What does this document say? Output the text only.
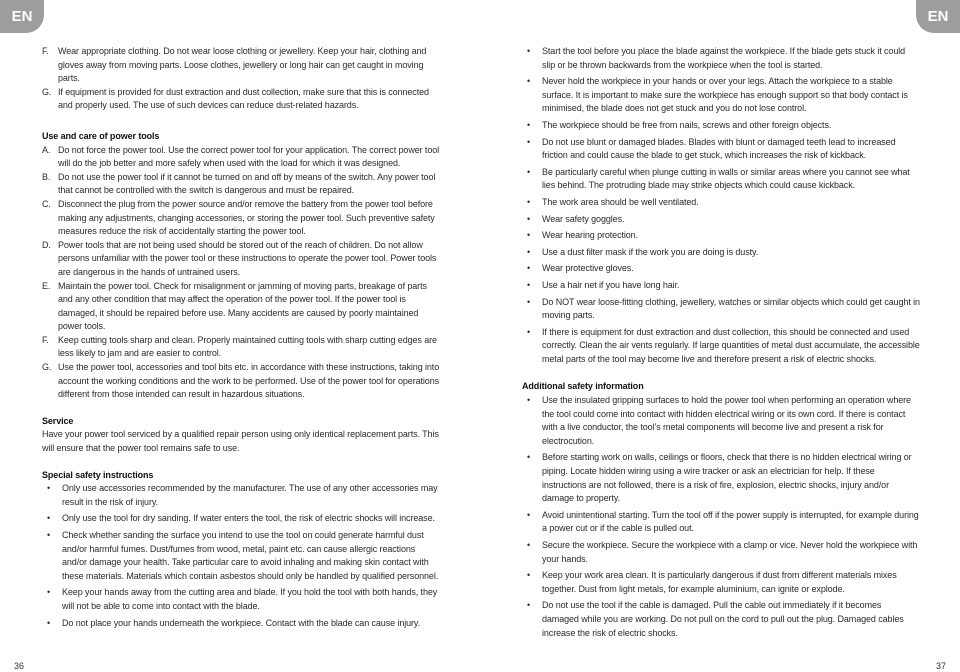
EN	EN
F.	Wear appropriate clothing. Do not wear loose clothing or jewellery. Keep your hair, clothing and gloves away from moving parts. Loose clothes, jewellery or long hair can get caught in moving parts.
G. If equipment is provided for dust extraction and dust collection, make sure that this is connected and properly used. The use of such devices can reduce dust-related hazards.
Use and care of power tools
A. Do not force the power tool. Use the correct power tool for your application. The correct power tool will do the job better and more safely when used with the load for which it was designed.
B. Do not use the power tool if it cannot be turned on and off by means of the switch. Any power tool that cannot be controlled with the switch is dangerous and must be repaired.
C. Disconnect the plug from the power source and/or remove the battery from the power tool before making any adjustments, changing accessories, or storing the power tool. Such preventive safety measures reduce the risk of accidentally starting the power tool.
D. Power tools that are not being used should be stored out of the reach of children. Do not allow persons unfamiliar with the power tool or these instructions to operate the power tool. Power tools are dangerous in the hands of untrained users.
E. Maintain the power tool. Check for misalignment or jamming of moving parts, breakage of parts and any other condition that may affect the operation of the power tool. If the power tool is damaged, it should be repaired before use. Many accidents are caused by poorly maintained power tools.
F.	Keep cutting tools sharp and clean. Properly maintained cutting tools with sharp cutting edges are less likely to jam and are easier to control.
G. Use the power tool, accessories and tool bits etc. in accordance with these instructions, taking into account the working conditions and the work to be performed. Use of the power tool for operations different from those intended can result in hazardous situations.
Service

Have your power tool serviced by a qualified repair person using only identical replacement parts. This will ensure that the power tool remains safe to use.

Special safety instructions
• Only use accessories recommended by the manufacturer. The use of any other accessories may result in the risk of injury.
• Only use the tool for dry sanding. If water enters the tool, the risk of electric shocks will increase.
• Check whether sanding the surface you intend to use the tool on could generate harmful dust and/or harmful fumes. Dust/fumes from wood, metal, paint etc. can cause allergic reactions and/or damage your health. Take particular care to avoid inhaling and making skin contact with these materials. Materials which contain asbestos should only be handled by qualified personnel.
• Keep your hands away from the cutting area and blade. If you hold the tool with both hands, they will not be able to come into contact with the blade.
• Do not place your hands underneath the workpiece. Contact with the blade can cause injury.
• Start the tool before you place the blade against the workpiece. If the blade gets stuck it could slip or be thrown backwards from the workpiece when the tool is started.
• Never hold the workpiece in your hands or over your legs. Attach the workpiece to a stable surface. It is important to make sure the workpiece has enough support so that body contact is minimised, the blade does not get stuck and you do not lose control.
• The workpiece should be free from nails, screws and other foreign objects.
• Do not use blunt or damaged blades. Blades with blunt or damaged teeth lead to increased friction and could cause the blade to get stuck, which increases the risk of kickback.
• Be particularly careful when plunge cutting in walls or similar areas where you cannot see what lies behind. The protruding blade may strike objects which could cause kickback.
• The work area should be well ventilated.
• Wear safety goggles.
• Wear hearing protection.
• Use a dust filter mask if the work you are doing is dusty.
• Wear protective gloves.
• Use a hair net if you have long hair.
• Do NOT wear loose-fitting clothing, jewellery, watches or similar objects which could get caught in moving parts.
• If there is equipment for dust extraction and dust collection, this should be connected and used correctly. Clean the air vents regularly. If large quantities of metal dust accumulate, the accessible metal parts of the tool may become live and therefore present a risk of electric shocks.
Additional safety information
• Use the insulated gripping surfaces to hold the power tool when performing an operation where the tool could come into contact with hidden electrical wiring or its own cord. If there is contact with a live conductor, the tool’s metal components will become live and present a risk for electrocution.
• Before starting work on walls, ceilings or floors, check that there is no hidden electrical wiring or piping. Locate hidden wiring using a wire tracker or ask an electrician for help. If these instructions are not followed, there is a risk of fire, explosion, electric shocks, injury and/or damage to property.
• Avoid unintentional starting. Turn the tool off if the power supply is interrupted, for example during a power cut or if the cable is pulled out.
• Secure the workpiece. Secure the workpiece with a clamp or vice. Never hold the workpiece with your hands.
• Keep your work area clean. It is particularly dangerous if dust from different materials mixes together. Dust from light metals, for example aluminium, can ignite or explode.
• Do not use the tool if the cable is damaged. Pull the cable out immediately if it becomes damaged while you are working. Do not pull on the cord to pull out the plug. Damaged cables increase the risk of electric shocks.
36	37
